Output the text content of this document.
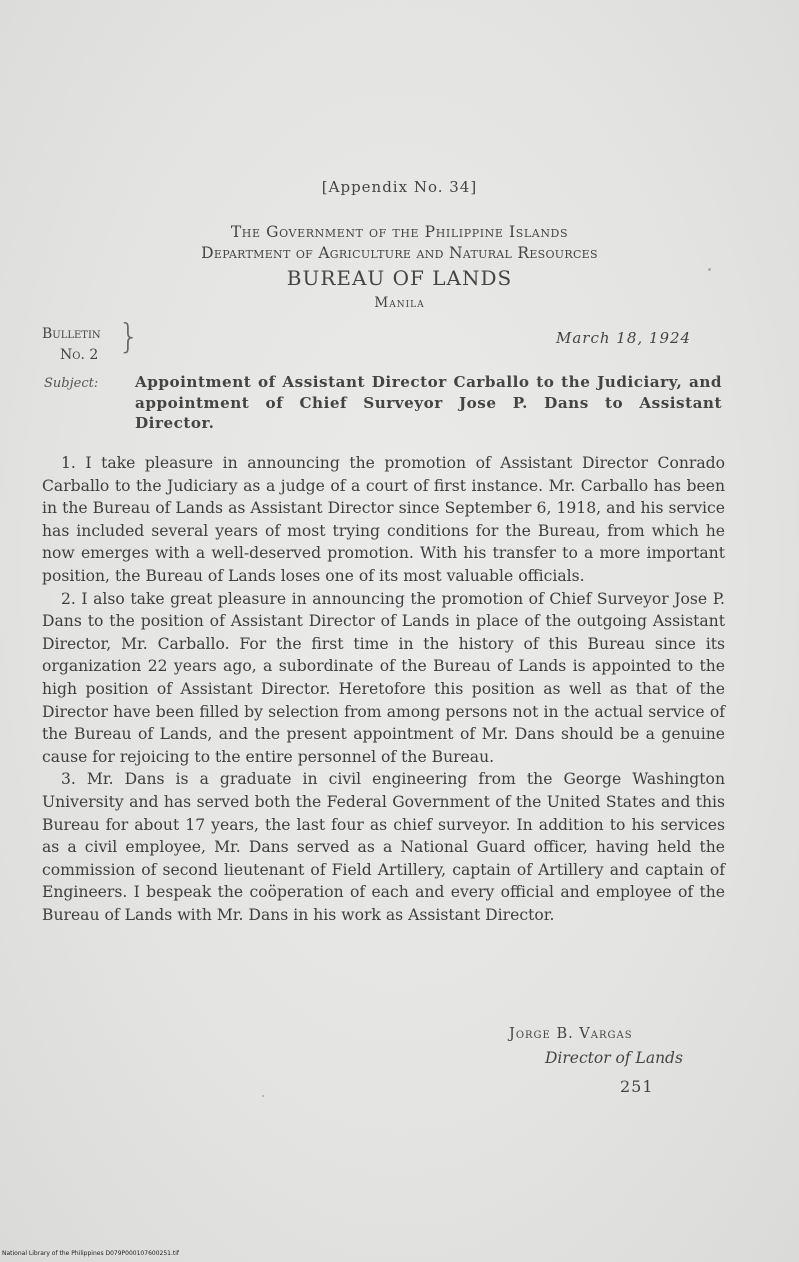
[Appendix No. 34]
The Government of the Philippine Islands
Department of Agriculture and Natural Resources
BUREAU OF LANDS
Manila
Bulletin
No. 2 }	March 18, 1924
Subject: Appointment of Assistant Director Carballo to the Judiciary, and appointment of Chief Surveyor Jose P. Dans to Assistant Director.

1. I take pleasure in announcing the promotion of Assistant Director Conrado Carballo to the Judiciary as a judge of a court of first instance. Mr. Carballo has been in the Bureau of Lands as Assistant Director since September 6, 1918, and his service has included several years of most trying conditions for the Bureau, from which he now emerges with a well-deserved promotion. With his transfer to a more important position, the Bureau of Lands loses one of its most valuable officials.

2. I also take great pleasure in announcing the promotion of Chief Surveyor Jose P. Dans to the position of Assistant Director of Lands in place of the outgoing Assistant Director, Mr. Carballo. For the first time in the history of this Bureau since its organization 22 years ago, a subordinate of the Bureau of Lands is appointed to the high position of Assistant Director. Heretofore this position as well as that of the Director have been filled by selection from among persons not in the actual service of the Bureau of Lands, and the present appointment of Mr. Dans should be a genuine cause for rejoicing to the entire personnel of the Bureau.

3. Mr. Dans is a graduate in civil engineering from the George Washington University and has served both the Federal Government of the United States and this Bureau for about 17 years, the last four as chief surveyor. In addition to his services as a civil employee, Mr. Dans served as a National Guard officer, having held the commission of second lieutenant of Field Artillery, captain of Artillery and captain of Engineers. I bespeak the coöperation of each and every official and employee of the Bureau of Lands with Mr. Dans in his work as Assistant Director.

Jorge B. Vargas
Director of Lands
251
National Library of the Philippines D079P000107600251.tif
